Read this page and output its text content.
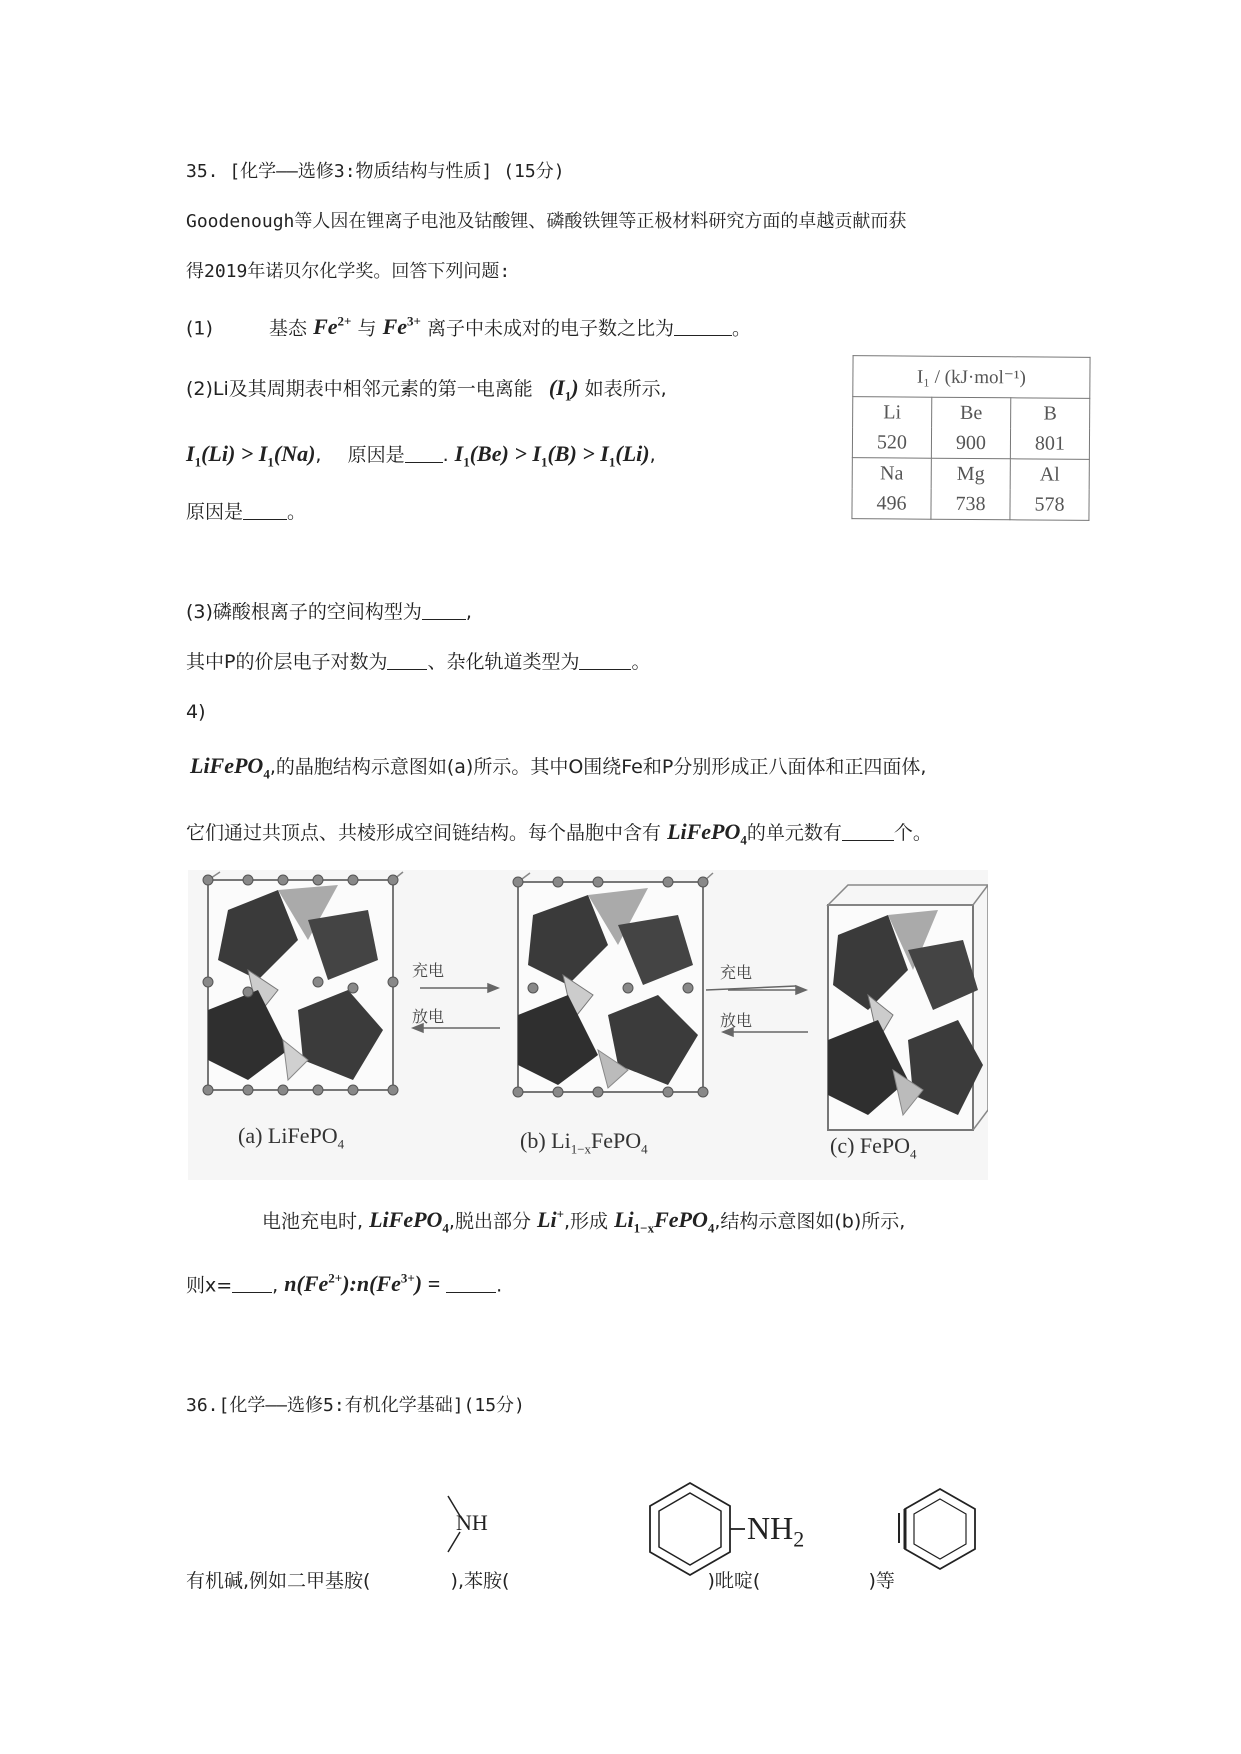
35. [化学——选修3:物质结构与性质] (15分)
Goodenough等人因在锂离子电池及钴酸锂、磷酸铁锂等正极材料研究方面的卓越贡献而获
得2019年诺贝尔化学奖。回答下列问题:
(1)	基态 $Fe^{2+}$ 与 $Fe^{3+}$ 离子中未成对的电子数之比为	。
(2)Li及其周期表中相邻元素的第一电离能 $(I_1)$ 如表所示,
$I_1(Li) > I_1(Na)$, 原因是 . $I_1(Be) > I_1(B) > I_1(Li)$,
原因是 。
I₁ / (kJ·mol⁻¹)		
Li	Be	B
520	900	801
Na	Mg	Al
496	738	578
(3)磷酸根离子的空间构型为 ,
其中P的价层电子对数为 、杂化轨道类型为	。
4)
LiFePO$_4$,的晶胞结构示意图如(a)所示。其中O围绕Fe和P分别形成正八面体和正四面体,
它们通过共顶点、共棱形成空间链结构。每个晶胞中含有 LiFePO$_4$的单元数有	个。
充电
放电
充电
放电
(a) LiFePO$_4$	(b) $Li_{1-x}FePO_4$	(c) FePO$_4$
电池充电时, LiFePO$_4$,脱出部分 Li+,形成 $Li_{1-x}FePO_4$,结构示意图如(b)所示,
则x= , $n(Fe^{2+}):n(Fe^{3+})$ =	.
36.[化学——选修5:有机化学基础](15分)
NH	$NH_2$
有机碱,例如二甲基胺(	),苯胺(	)吡啶(	)等
